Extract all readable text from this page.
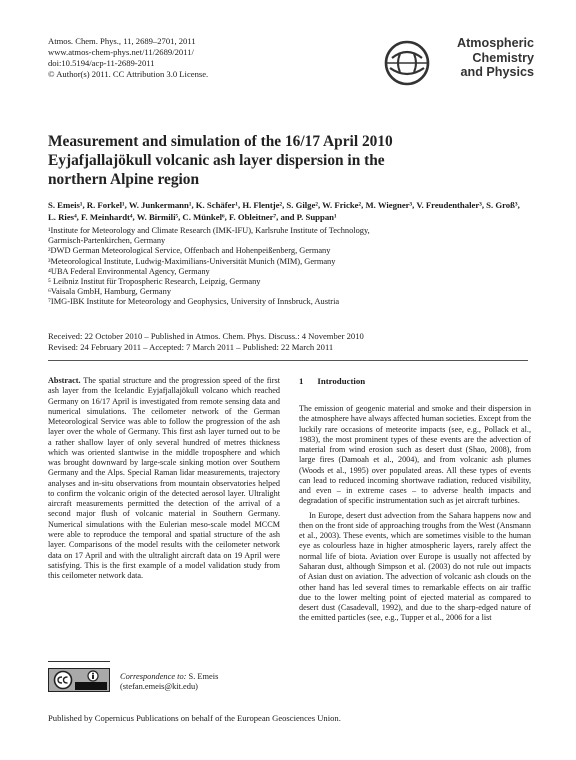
Atmos. Chem. Phys., 11, 2689–2701, 2011
www.atmos-chem-phys.net/11/2689/2011/
doi:10.5194/acp-11-2689-2011
© Author(s) 2011. CC Attribution 3.0 License.
Atmospheric
Chemistry
and Physics
Measurement and simulation of the 16/17 April 2010
Eyjafjallajökull volcanic ash layer dispersion in the
northern Alpine region
S. Emeis¹, R. Forkel¹, W. Junkermann¹, K. Schäfer¹, H. Flentje², S. Gilge², W. Fricke², M. Wiegner³, V. Freudenthaler³, S. Groß³, L. Ries⁴, F. Meinhardt⁴, W. Birmili⁵, C. Münkel⁶, F. Obleitner⁷, and P. Suppan¹
¹Institute for Meteorology and Climate Research (IMK-IFU), Karlsruhe Institute of Technology,
Garmisch-Partenkirchen, Germany
²DWD German Meteorological Service, Offenbach and Hohenpeißenberg, Germany
³Meteorological Institute, Ludwig-Maximilians-Universität Munich (MIM), Germany
⁴UBA Federal Environmental Agency, Germany
⁵ Leibniz Institut für Tropospheric Research, Leipzig, Germany
⁶Vaisala GmbH, Hamburg, Germany
⁷IMG-IBK Institute for Meteorology and Geophysics, University of Innsbruck, Austria
Received: 22 October 2010 – Published in Atmos. Chem. Phys. Discuss.: 4 November 2010
Revised: 24 February 2011 – Accepted: 7 March 2011 – Published: 22 March 2011
Abstract. The spatial structure and the progression speed of the first ash layer from the Icelandic Eyjafjallajökull volcano which reached Germany on 16/17 April is investigated from remote sensing data and numerical simulations. The ceilometer network of the German Meteorological Service was able to follow the progression of the ash layer over the whole of Germany. This first ash layer turned out to be a rather shallow layer of only several hundred of metres thickness which was oriented slantwise in the middle troposphere and which was brought downward by large-scale sinking motion over Southern Germany and the Alps. Special Raman lidar measurements, trajectory analyses and in-situ observations from mountain observatories helped to confirm the volcanic origin of the detected aerosol layer. Ultralight aircraft measurements permitted the detection of the arrival of a second major flush of volcanic material in Southern Germany. Numerical simulations with the Eulerian meso-scale model MCCM were able to reproduce the temporal and spatial structure of the ash layer. Comparisons of the model results with the ceilometer network data on 17 April and with the ultralight aircraft data on 19 April were satisfying. This is the first example of a model validation study from this ceilometer network data.
Correspondence to: S. Emeis
(stefan.emeis@kit.edu)
1 Introduction

The emission of geogenic material and smoke and their dispersion in the atmosphere have always affected human societies. Except from the luckily rare occasions of meteorite impacts (see, e.g., Pollack et al., 1983), the most prominent types of these events are the advection of material from wind erosion such as desert dust (Shao, 2008), from large fires (Damoah et al., 2004), and from volcanic ash plumes (Woods et al., 1995) over populated areas. All these types of events can lead to reduced incoming shortwave radiation, reduced visibility, and even – in extreme cases – to adverse health impacts and degradation of specific instrumentation such as jet aircraft turbines.

In Europe, desert dust advection from the Sahara happens now and then on the front side of approaching troughs from the West (Ansmann et al., 2003). These events, which are sometimes visible to the human eye as colourless haze in higher atmospheric layers, rarely affect the normal life of biota. Aviation over Europe is usually not affected by Saharan dust, although Simpson et al. (2003) do not rule out impacts of Asian dust on aviation. The advection of volcanic ash clouds on the other hand has led several times to remarkable effects on air traffic due to the lower melting point of ejected material as compared to desert dust (Casadevall, 1992), and due to the sharp-edged nature of the emitted particles (see, e.g., Tupper et al., 2006 for a list

Published by Copernicus Publications on behalf of the European Geosciences Union.
